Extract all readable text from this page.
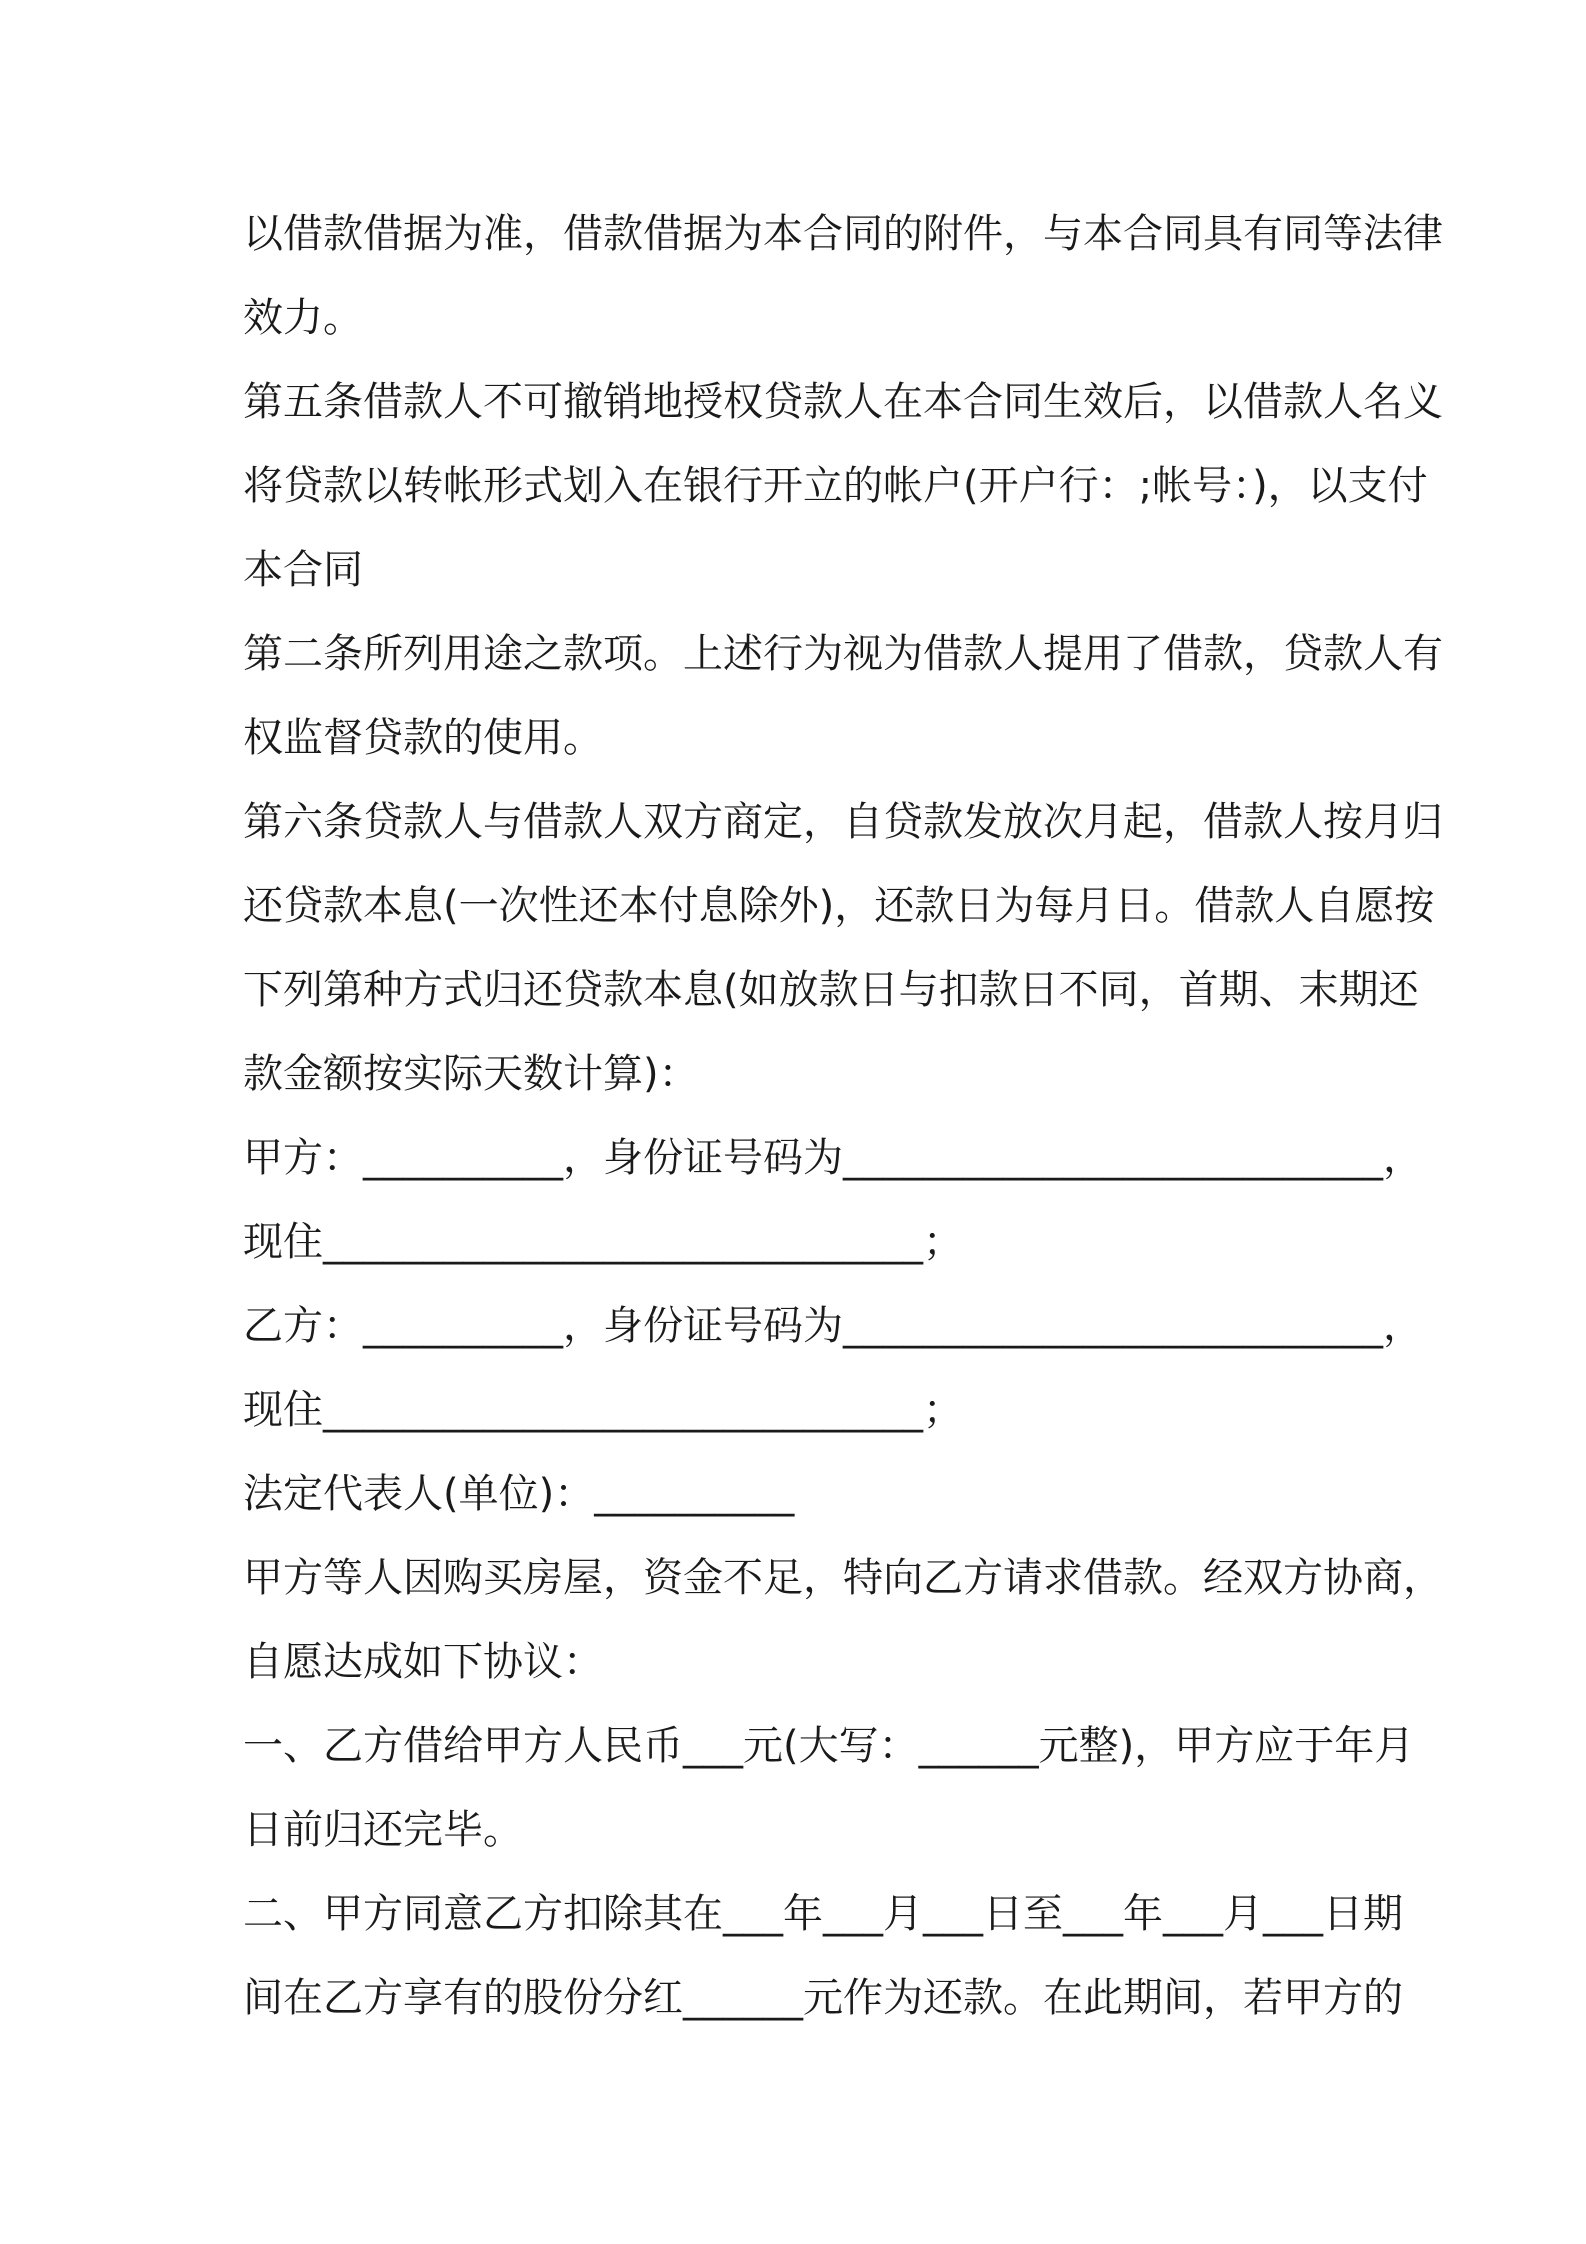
以借款借据为准，借款借据为本合同的附件，与本合同具有同等法律
效力。
第五条借款人不可撤销地授权贷款人在本合同生效后，以借款人名义
将贷款以转帐形式划入在银行开立的帐户(开户行：;帐号：)，以支付
本合同
第二条所列用途之款项。上述行为视为借款人提用了借款，贷款人有
权监督贷款的使用。
第六条贷款人与借款人双方商定，自贷款发放次月起，借款人按月归
还贷款本息(一次性还本付息除外)，还款日为每月日。借款人自愿按
下列第种方式归还贷款本息(如放款日与扣款日不同，首期、末期还
款金额按实际天数计算)：
甲方：__________，身份证号码为___________________________，
现住______________________________；
乙方：__________，身份证号码为___________________________，
现住______________________________；
法定代表人(单位)：__________
甲方等人因购买房屋，资金不足，特向乙方请求借款。经双方协商，
自愿达成如下协议：
一、乙方借给甲方人民币___元(大写：______元整)，甲方应于年月
日前归还完毕。
二、甲方同意乙方扣除其在___年___月___日至___年___月___日期
间在乙方享有的股份分红______元作为还款。在此期间，若甲方的
